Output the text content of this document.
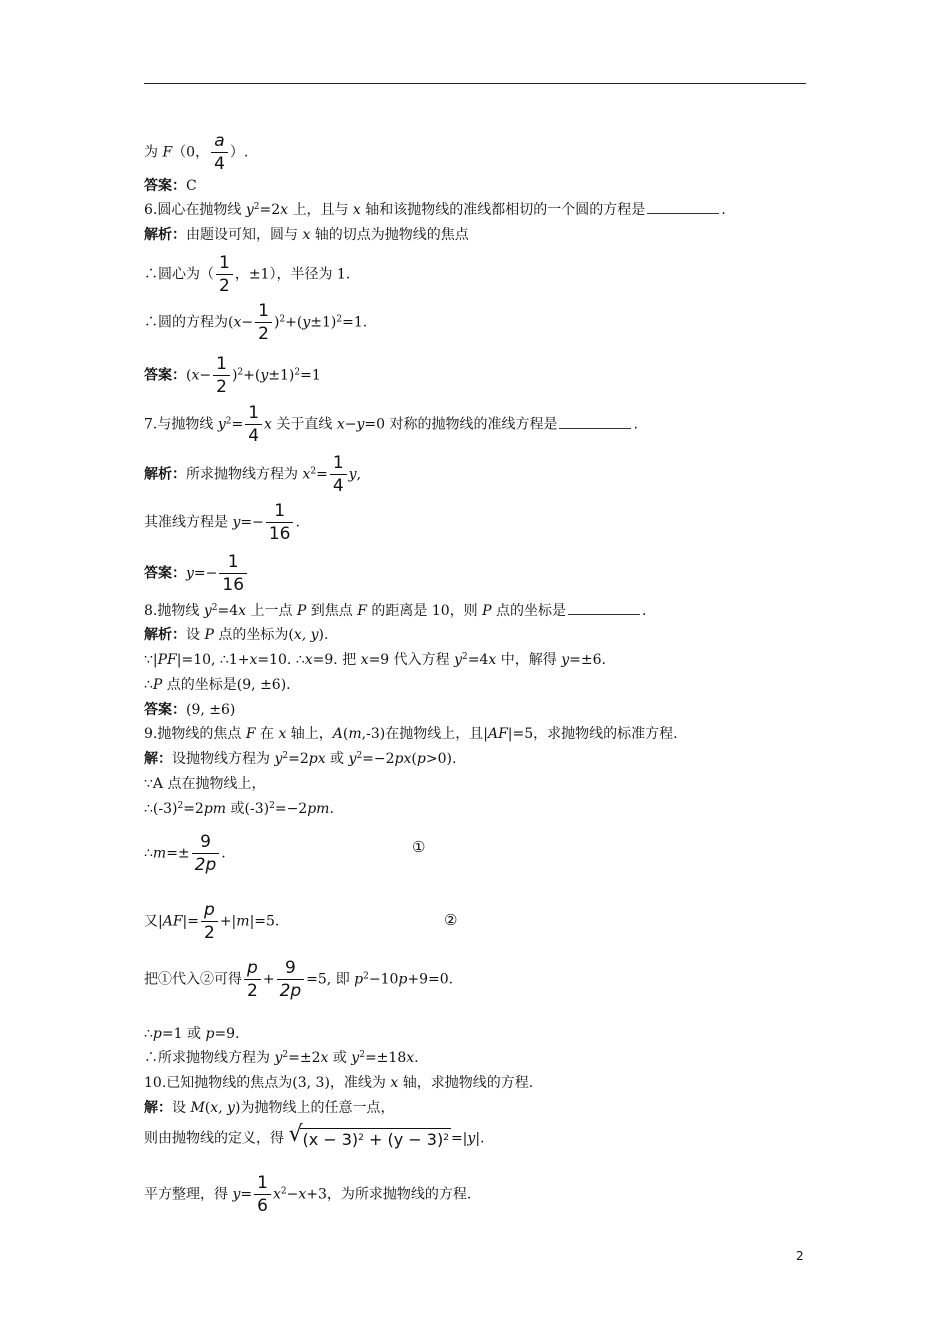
为 F（0， $\frac{a}{4}$ ）.
答案：C
6.圆心在抛物线 $y^2=2x$ 上，且与 x 轴和该抛物线的准线都相切的一个圆的方程是	.
解析：由题设可知，圆与 x 轴的切点为抛物线的焦点
∴圆心为（ $\frac{1}{2}$ ，±1），半径为 1.
∴圆的方程为$(x- \frac{1}{2} )^2+(y\pm 1)^2=1$.
答案：$(x- \frac{1}{2} )^2+(y\pm 1)^2=1$
7.与抛物线 $y^2= \frac{1}{4}$ x 关于直线 x−y=0 对称的抛物线的准线方程是	.
解析：所求抛物线方程为 $x^2= \frac{1}{4} y$,
其准线方程是 $y=- \frac{1}{16}$ .
答案：$y=- \frac{1}{16}$
8.抛物线 $y^2=4x$ 上一点 P 到焦点 F 的距离是 10，则 P 点的坐标是	.
解析：设 P 点的坐标为(x, y).
∵|PF|=10, ∴1+x=10. ∴x=9. 把 x=9 代入方程 $y^2=4x$ 中，解得 y=±6.
∴P 点的坐标是(9, ±6).
答案：(9, ±6)
9.抛物线的焦点 F 在 x 轴上，A(m,-3)在抛物线上，且|AF|=5，求抛物线的标准方程.
解：设抛物线方程为 $y^2=2px$ 或 $y^2=-2px(p>0)$.
∵A 点在抛物线上，
$\therefore(-3)^2=2pm$ 或$(-3)^2=-2pm$.
∴m=± $\frac{9}{2p}$ .	①
又$|AF|= \frac{p}{2} +|m|=5$.	②
把①代入②可得 $\frac{p}{2} + \frac{9}{2p} =5$, 即 $p^2-10p+9=0$.
∴p=1 或 p=9.
∴所求抛物线方程为 $y^2=\pm 2x$ 或 $y^2=\pm 18x$.
10.已知抛物线的焦点为(3, 3)，准线为 x 轴，求抛物线的方程.
解：设 M(x, y)为抛物线上的任意一点，
则由抛物线的定义，得 √ $(x - 3)^2 + (y - 3)^2 =|y|$.
平方整理，得 $y= \frac{1}{6} x^2-x+3$，为所求抛物线的方程.
2
